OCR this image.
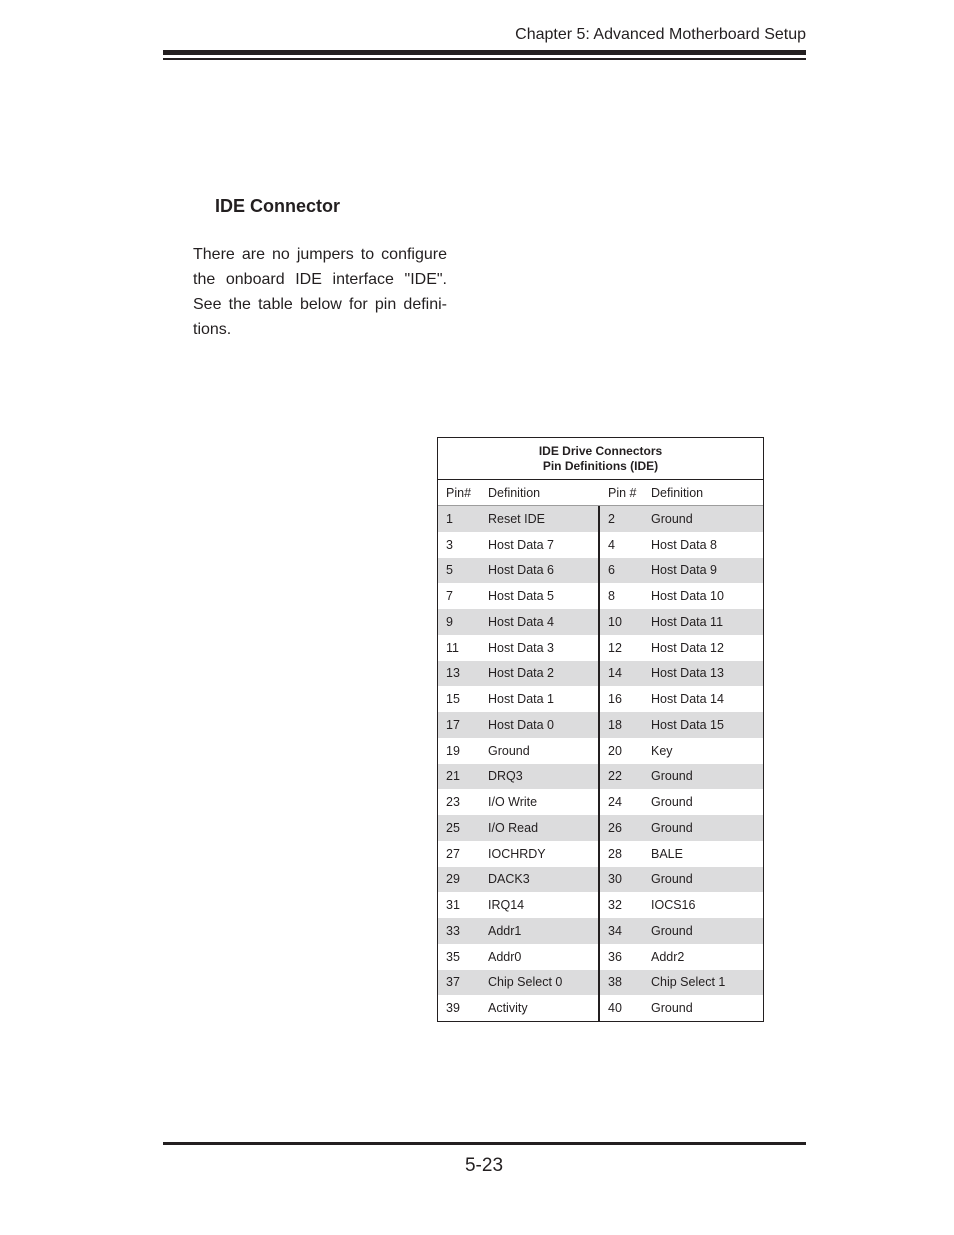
Chapter 5: Advanced Motherboard Setup
IDE Connector
There are no jumpers to configure the onboard IDE interface "IDE". See the table below for pin defini-tions.
IDE Drive Connectors
Pin Definitions (IDE)
Pin#	Definition	Pin #	Definition
1	Reset IDE	2	Ground
3	Host Data 7	4	Host Data 8
5	Host Data 6	6	Host Data 9
7	Host Data 5	8	Host Data 10
9	Host Data 4	10	Host Data 11
11	Host Data 3	12	Host Data 12
13	Host Data 2	14	Host Data 13
15	Host Data 1	16	Host Data 14
17	Host Data 0	18	Host Data 15
19	Ground	20	Key
21	DRQ3	22	Ground
23	I/O Write	24	Ground
25	I/O Read	26	Ground
27	IOCHRDY	28	BALE
29	DACK3	30	Ground
31	IRQ14	32	IOCS16
33	Addr1	34	Ground
35	Addr0	36	Addr2
37	Chip Select 0	38	Chip Select 1
39	Activity	40	Ground
5-23
